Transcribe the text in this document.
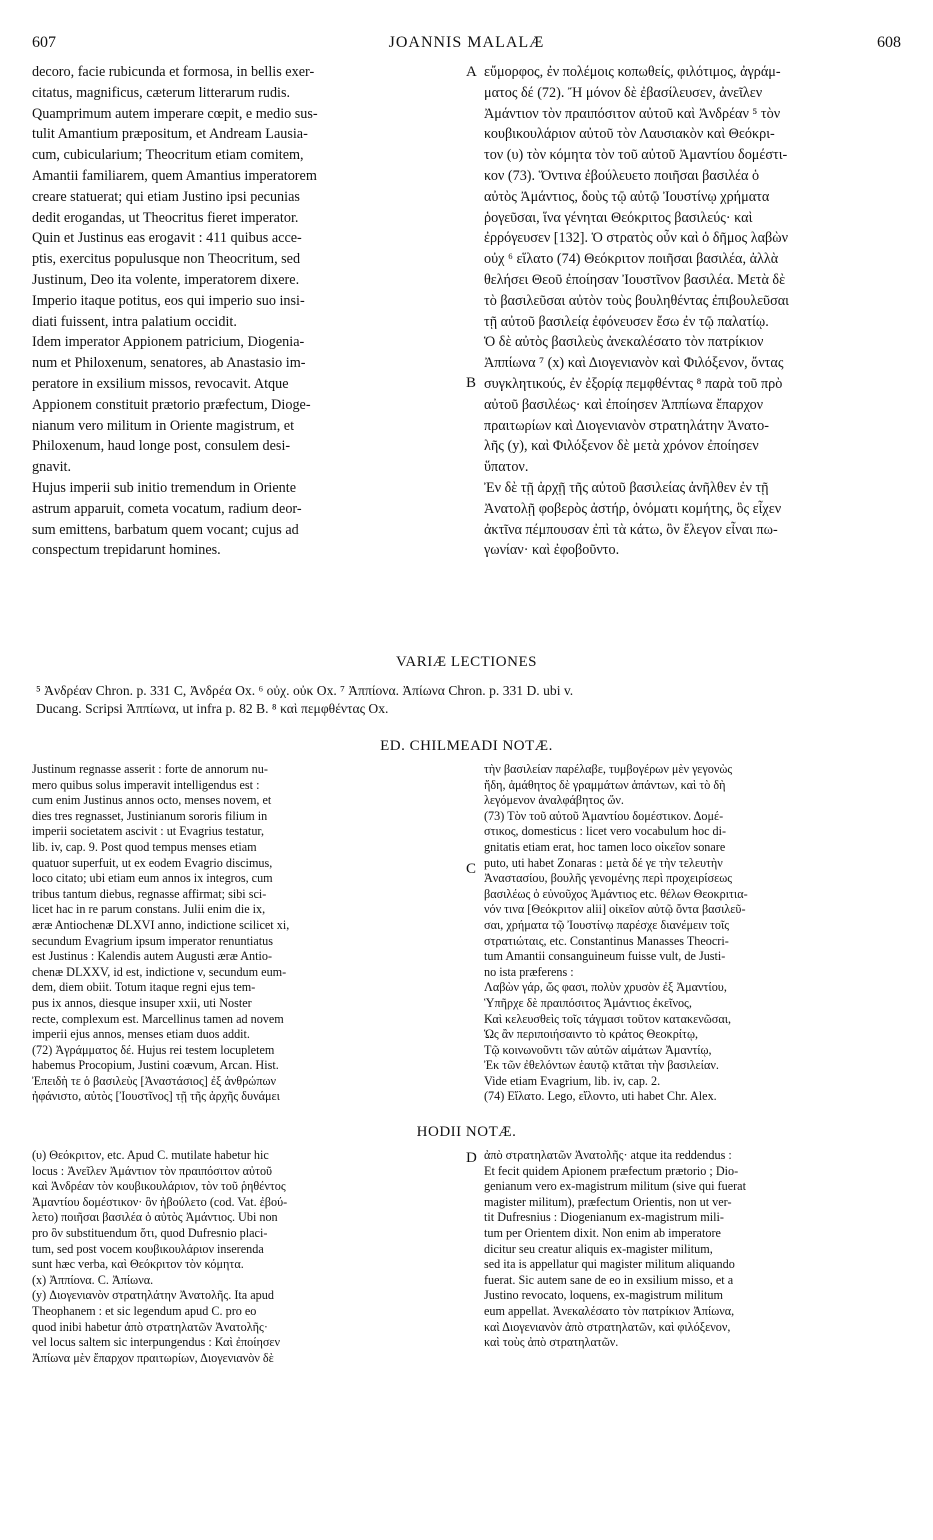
607	JOANNIS MALALÆ	608
A
B
C
D
decoro, facie rubicunda et formosa, in bellis exer-
citatus, magnificus, cæterum litterarum rudis.
Quamprimum autem imperare cœpit, e medio sus-
tulit Amantium præpositum, et Andream Lausia-
cum, cubicularium; Theocritum etiam comitem,
Amantii familiarem, quem Amantius imperatorem
creare statuerat; qui etiam Justino ipsi pecunias
dedit erogandas, ut Theocritus fieret imperator.
Quin et Justinus eas erogavit : 411 quibus acce-
ptis, exercitus populusque non Theocritum, sed
Justinum, Deo ita volente, imperatorem dixere.
Imperio itaque potitus, eos qui imperio suo insi-
diati fuissent, intra palatium occidit.
Idem imperator Appionem patricium, Diogenia-
num et Philoxenum, senatores, ab Anastasio im-
peratore in exsilium missos, revocavit. Atque
Appionem constituit prætorio præfectum, Dioge-
nianum vero militum in Oriente magistrum, et
Philoxenum, haud longe post, consulem desi-
gnavit.
Hujus imperii sub initio tremendum in Oriente
astrum apparuit, cometa vocatum, radium deor-
sum emittens, barbatum quem vocant; cujus ad
conspectum trepidarunt homines.
εὔμορφος, ἐν πολέμοις κοπωθείς, φιλότιμος, ἀγράμ-
ματος δέ (72). Ἤ μόνον δὲ ἐβασίλευσεν, ἀνεῖλεν
Ἀμάντιον τὸν πραιπόσιτον αὐτοῦ καὶ Ἀνδρέαν ⁵ τὸν
κουβικουλάριον αὐτοῦ τὸν Λαυσιακὸν καὶ Θεόκρι-
τον (υ) τὸν κόμητα τὸν τοῦ αὐτοῦ Ἀμαντίου δομέστι-
κον (73). Ὅντινα ἐβούλευετο ποιῆσαι βασιλέα ὁ
αὐτὸς Ἀμάντιος, δοὺς τῷ αὐτῷ Ἰουστίνῳ χρήματα
ῥογεῦσαι, ἵνα γένηται Θεόκριτος βασιλεύς· καὶ
ἐρρόγευσεν [132]. Ὁ στρατὸς οὖν καὶ ὁ δῆμος λαβὼν
οὐχ ⁶ εἵλατο (74) Θεόκριτον ποιῆσαι βασιλέα, ἀλλὰ
θελήσει Θεοῦ ἐποίησαν Ἰουστῖνον βασιλέα. Μετὰ δὲ
τὸ βασιλεῦσαι αὐτὸν τοὺς βουληθέντας ἐπιβουλεῦσαι
τῇ αὐτοῦ βασιλείᾳ ἐφόνευσεν ἔσω ἐν τῷ παλατίῳ.
Ὁ δὲ αὐτὸς βασιλεὺς ἀνεκαλέσατο τὸν πατρίκιον
Ἀππίωνα ⁷ (x) καὶ Διογενιανὸν καὶ Φιλόξενον, ὄντας
συγκλητικούς, ἐν ἐξορίᾳ πεμφθέντας ⁸ παρὰ τοῦ πρὸ
αὐτοῦ βασιλέως· καὶ ἐποίησεν Ἀππίωνα ἔπαρχον
πραιτωρίων καὶ Διογενιανὸν στρατηλάτην Ἀνατο-
λῆς (y), καὶ Φιλόξενον δὲ μετὰ χρόνον ἐποίησεν
ὕπατον.
Ἐν δὲ τῇ ἀρχῇ τῆς αὐτοῦ βασιλείας ἀνῆλθεν ἐν τῇ
Ἀνατολῇ φοβερὸς ἀστήρ, ὀνόματι κομήτης, ὃς εἶχεν
ἀκτῖνα πέμπουσαν ἐπὶ τὰ κάτω, ὃν ἔλεγον εἶναι πω-
γωνίαν· καὶ ἐφοβοῦντο.
VARIÆ LECTIONES
⁵ Ἀνδρέαν Chron. p. 331 C, Ἀνδρέα Ox. ⁶ οὐχ. οὐκ Ox. ⁷ Ἀππίονα. Ἀπίωνα Chron. p. 331 D. ubi v.
Ducang. Scripsi Ἀππίωνα, ut infra p. 82 B. ⁸ καὶ πεμφθέντας Ox.
ED. CHILMEADI NOTÆ.
Justinum regnasse asserit : forte de annorum nu-
mero quibus solus imperavit intelligendus est :
cum enim Justinus annos octo, menses novem, et
dies tres regnasset, Justinianum sororis filium in
imperii societatem ascivit : ut Evagrius testatur,
lib. iv, cap. 9. Post quod tempus menses etiam
quatuor superfuit, ut ex eodem Evagrio discimus,
loco citato; ubi etiam eum annos ix integros, cum
tribus tantum diebus, regnasse affirmat; sibi sci-
licet hac in re parum constans. Julii enim die ix,
æræ Antiochenæ DLXVI anno, indictione scilicet xi,
secundum Evagrium ipsum imperator renuntiatus
est Justinus : Kalendis autem Augusti æræ Antio-
chenæ DLXXV, id est, indictione v, secundum eum-
dem, diem obiit. Totum itaque regni ejus tem-
pus ix annos, diesque insuper xxii, uti Noster
recte, complexum est. Marcellinus tamen ad novem
imperii ejus annos, menses etiam duos addit.
(72) Ἀγράμματος δέ. Hujus rei testem locupletem
habemus Procopium, Justini coævum, Arcan. Hist.
Ἐπειδὴ τε ὁ βασιλεὺς [Ἀναστάσιος] ἐξ ἀνθρώπων
ἠφάνιστο, αὐτὸς [Ἰουστῖνος] τῇ τῆς ἀρχῆς δυνάμει
τὴν βασιλείαν παρέλαβε, τυμβογέρων μὲν γεγονὼς
ἤδη, ἀμάθητος δὲ γραμμάτων ἁπάντων, καὶ τὸ δὴ
λεγόμενον ἀναλφάβητος ὤν.
(73) Τὸν τοῦ αὐτοῦ Ἀμαντίου δομέστικον. Δομέ-
στικος, domesticus : licet vero vocabulum hoc di-
gnitatis etiam erat, hoc tamen loco οἰκεῖον sonare
puto, uti habet Zonaras : μετὰ δέ γε τὴν τελευτὴν
Ἀναστασίου, βουλῆς γενομένης περὶ προχειρίσεως
βασιλέως ὁ εὐνοῦχος Ἀμάντιος etc. θέλων Θεοκριτια-
νόν τινα [Θεόκριτον alii] οἰκεῖον αὐτῷ ὄντα βασιλεῦ-
σαι, χρήματα τῷ Ἰουστίνῳ παρέσχε διανέμειν τοῖς
στρατιώταις, etc. Constantinus Manasses Theocri-
tum Amantii consanguineum fuisse vult, de Justi-
no ista præferens :
Λαβὼν γάρ, ὥς φασι, πολὺν χρυσὸν ἐξ Ἀμαντίου,
Ὑπῆρχε δὲ πραιπόσιτος Ἀμάντιος ἐκεῖνος,
Καὶ κελευσθεὶς τοῖς τάγμασι τοῦτον κατακενῶσαι,
Ὡς ἂν περιποιήσαιντο τὸ κράτος Θεοκρίτῳ,
Τῷ κοινωνοῦντι τῶν αὐτῶν αἱμάτων Ἀμαντίῳ,
Ἐκ τῶν ἐθελόντων ἑαυτῷ κτᾶται τὴν βασιλείαν.
Vide etiam Evagrium, lib. iv, cap. 2.
(74) Εἵλατο. Lego, εἵλοντο, uti habet Chr. Alex.
HODII NOTÆ.
(υ) Θεόκριτον, etc. Apud C. mutilate habetur hic
locus : Ἀνεῖλεν Ἀμάντιον τὸν πραιπόσιτον αὐτοῦ
καὶ Ἀνδρέαν τὸν κουβικουλάριον, τὸν τοῦ ῥηθέντος
Ἀμαντίου δομέστικον· ὃν ἠβούλετο (cod. Vat. ἐβού-
λετο) ποιῆσαι βασιλέα ὁ αὐτὸς Ἀμάντιος. Ubi non
pro ὃν substituendum ὅτι, quod Dufresnio placi-
tum, sed post vocem κουβικουλάριον inserenda
sunt hæc verba, καὶ Θεόκριτον τὸν κόμητα.
(x) Ἀππίονα. C. Ἀπίωνα.
(y) Διογενιανὸν στρατηλάτην Ἀνατολῆς. Ita apud
Theophanem : et sic legendum apud C. pro eo
quod inibi habetur ἀπὸ στρατηλατῶν Ἀνατολῆς·
vel locus saltem sic interpungendus : Καὶ ἐποίησεν
Ἀπίωνα μὲν ἔπαρχον πραιτωρίων, Διογενιανὸν δὲ
ἀπὸ στρατηλατῶν Ἀνατολῆς· atque ita reddendus :
Et fecit quidem Apionem præfectum prætorio ; Dio-
genianum vero ex-magistrum militum (sive qui fuerat
magister militum), præfectum Orientis, non ut ver-
tit Dufresnius : Diogenianum ex-magistrum mili-
tum per Orientem dixit. Non enim ab imperatore
dicitur seu creatur aliquis ex-magister militum,
sed ita is appellatur qui magister militum aliquando
fuerat. Sic autem sane de eo in exsilium misso, et a
Justino revocato, loquens, ex-magistrum militum
eum appellat. Ἀνεκαλέσατο τὸν πατρίκιον Ἀπίωνα,
καὶ Διογενιανὸν ἀπὸ στρατηλατῶν, καὶ φιλόξενον,
καὶ τοὺς ἀπὸ στρατηλατῶν.
